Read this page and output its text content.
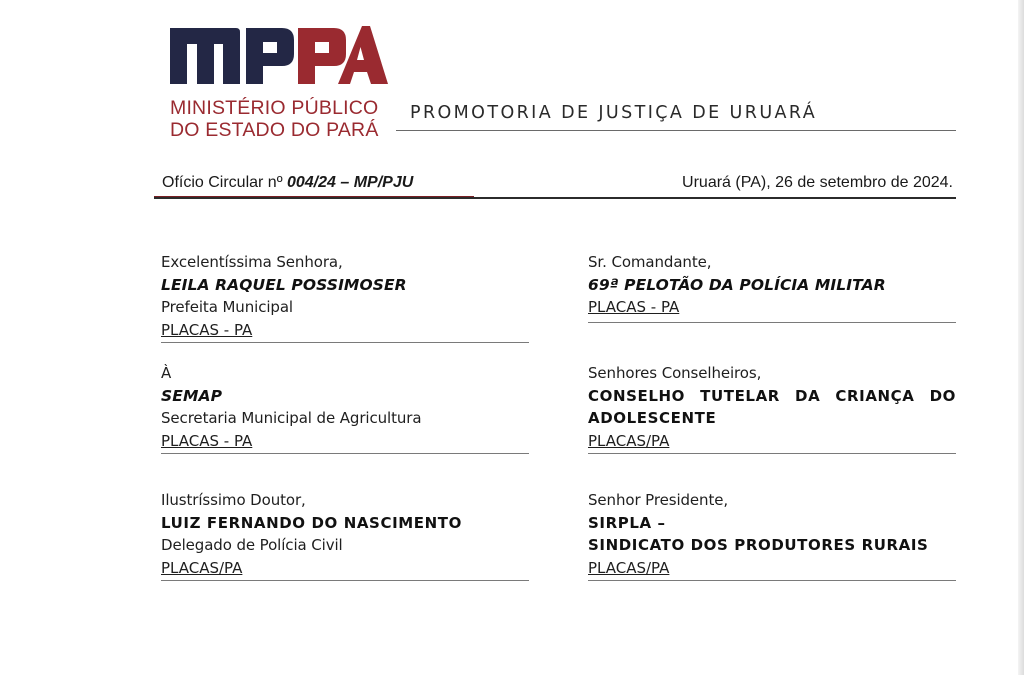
MINISTÉRIO PÚBLICO
DO ESTADO DO PARÁ
PROMOTORIA DE JUSTIÇA DE URUARÁ
Ofício Circular nº 004/24 – MP/PJU	Uruará (PA), 26 de setembro de 2024.
Excelentíssima Senhora,
LEILA RAQUEL POSSIMOSER
Prefeita Municipal
PLACAS - PA
Sr. Comandante,
69ª PELOTÃO DA POLÍCIA MILITAR
PLACAS - PA
À
SEMAP
Secretaria Municipal de Agricultura
PLACAS - PA
Senhores Conselheiros,
CONSELHO TUTELAR DA CRIANÇA DO
ADOLESCENTE
PLACAS/PA
Ilustríssimo Doutor,
LUIZ FERNANDO DO NASCIMENTO
Delegado de Polícia Civil
PLACAS/PA
Senhor Presidente,
SIRPLA –
SINDICATO DOS PRODUTORES RURAIS
PLACAS/PA
